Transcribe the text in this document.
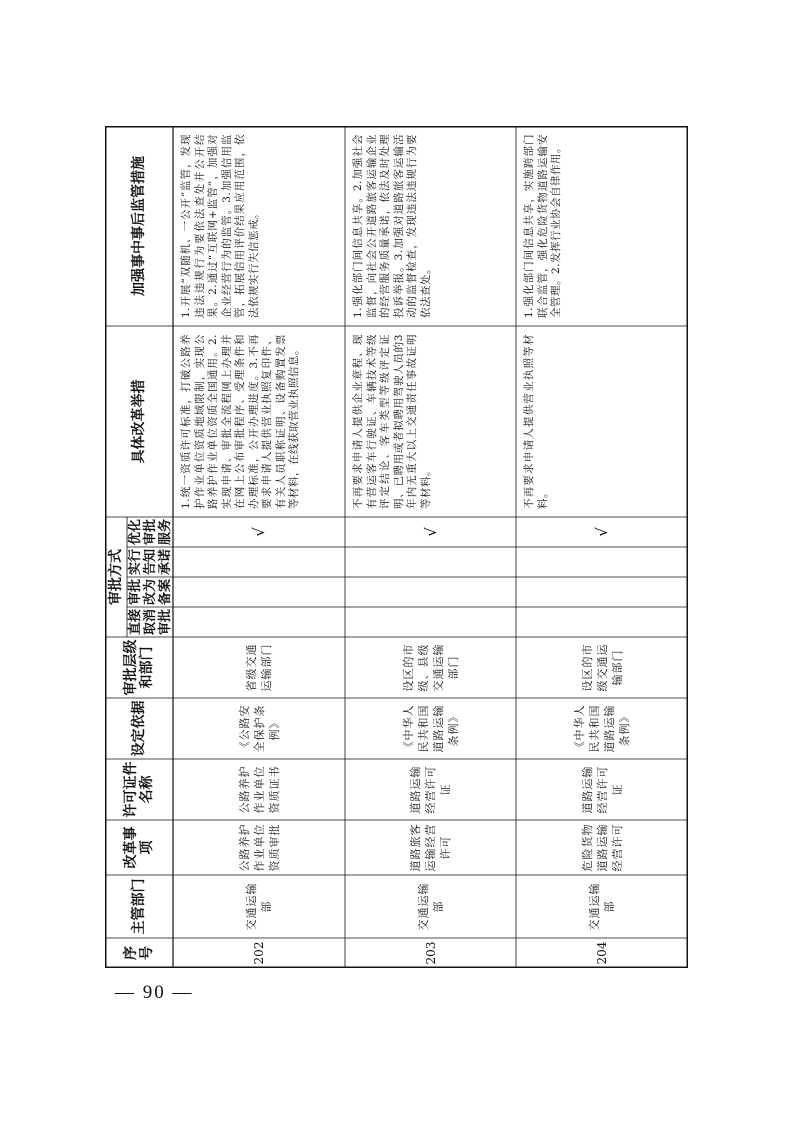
序号
主管部门
改革事项
许可证件名称
设定依据
审批层级和部门
具体改革举措
加强事中事后监管措施
审批方式
直接取消审批
审批改为备案
实行告知承诺
优化审批服务
202
交通运输部
公路养护作业单位资质审批
公路养护作业单位资质证书
《公路安全保护条例》
省级交通运输部门
√
1.统一资质许可标准，打破公路养护作业单位资质地域限制，实现公路养护作业单位资质全国通用。2.实现申请、审批全流程网上办理并在网上公布审批程序、受理条件和办理标准，公开办理进度。3.不再要求申请人提供营业执照复印件、有关人员职称证明、设备购置发票等材料，在线获取营业执照信息。
1.开展“双随机、一公开”监管，发现违法违规行为要依法查处并公开结果。2.通过“互联网+监管”，加强对企业经营行为的监管。3.加强信用监管，拓展信用评价结果应用范围，依法依规实行失信惩戒。
203
交通运输部
道路旅客运输经营许可
道路运输经营许可证
《中华人民共和国道路运输条例》
设区的市级、县级交通运输部门
√
不再要求申请人提供企业章程、现有营运客车行驶证、车辆技术等级评定结论、客车类型等级评定证明、已聘用或者拟聘用驾驶人员的3年内无重大以上交通责任事故证明等材料。
1.强化部门间信息共享。2.加强社会监督，向社会公开道路旅客运输企业的经营服务质量承诺，依法及时处理投诉举报。3.加强对道路旅客运输活动的监督检查，发现违法违规行为要依法查处。
204
交通运输部
危险货物道路运输经营许可
道路运输经营许可证
《中华人民共和国道路运输条例》
设区的市级交通运输部门
√
不再要求申请人提供营业执照等材料。
1.强化部门间信息共享，实施跨部门联合监管，强化危险货物道路运输安全管理。2.发挥行业协会自律作用。
— 90 —
